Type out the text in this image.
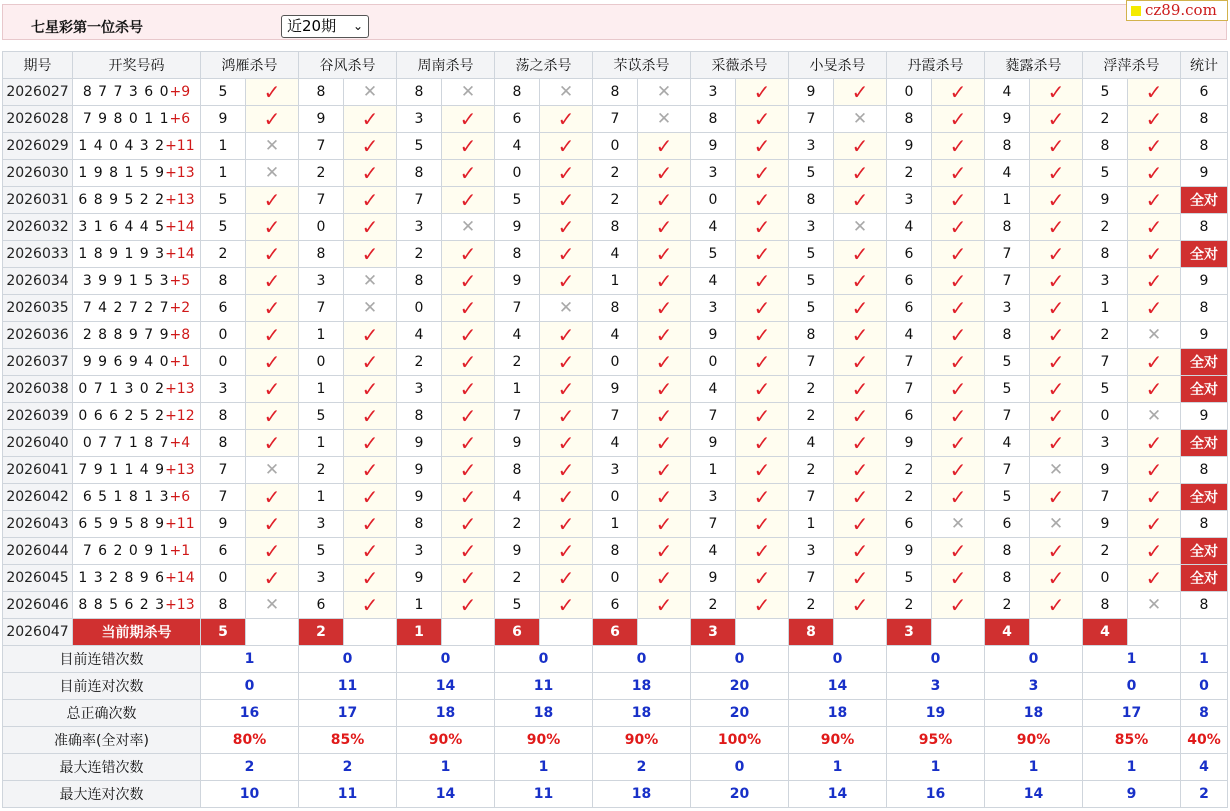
七星彩第一位杀号	近20期 ⌄
cz89.com
期号	开奖号码	鸿雁杀号		谷风杀号		周南杀号		荡之杀号		芣苡杀号		采薇杀号		小旻杀号		丹霞杀号		蕤露杀号		浮萍杀号		统计
2026027	8 7 7 3 6 0+9	5	✓	8	✕	8	✕	8	✕	8	✕	3	✓	9	✓	0	✓	4	✓	5	✓	6
2026028	7 9 8 0 1 1+6	9	✓	9	✓	3	✓	6	✓	7	✕	8	✓	7	✕	8	✓	9	✓	2	✓	8
2026029	1 4 0 4 3 2+11	1	✕	7	✓	5	✓	4	✓	0	✓	9	✓	3	✓	9	✓	8	✓	8	✓	8
2026030	1 9 8 1 5 9+13	1	✕	2	✓	8	✓	0	✓	2	✓	3	✓	5	✓	2	✓	4	✓	5	✓	9
2026031	6 8 9 5 2 2+13	5	✓	7	✓	7	✓	5	✓	2	✓	0	✓	8	✓	3	✓	1	✓	9	✓	全对
2026032	3 1 6 4 4 5+14	5	✓	0	✓	3	✕	9	✓	8	✓	4	✓	3	✕	4	✓	8	✓	2	✓	8
2026033	1 8 9 1 9 3+14	2	✓	8	✓	2	✓	8	✓	4	✓	5	✓	5	✓	6	✓	7	✓	8	✓	全对
2026034	3 9 9 1 5 3+5	8	✓	3	✕	8	✓	9	✓	1	✓	4	✓	5	✓	6	✓	7	✓	3	✓	9
2026035	7 4 2 7 2 7+2	6	✓	7	✕	0	✓	7	✕	8	✓	3	✓	5	✓	6	✓	3	✓	1	✓	8
2026036	2 8 8 9 7 9+8	0	✓	1	✓	4	✓	4	✓	4	✓	9	✓	8	✓	4	✓	8	✓	2	✕	9
2026037	9 9 6 9 4 0+1	0	✓	0	✓	2	✓	2	✓	0	✓	0	✓	7	✓	7	✓	5	✓	7	✓	全对
2026038	0 7 1 3 0 2+13	3	✓	1	✓	3	✓	1	✓	9	✓	4	✓	2	✓	7	✓	5	✓	5	✓	全对
2026039	0 6 6 2 5 2+12	8	✓	5	✓	8	✓	7	✓	7	✓	7	✓	2	✓	6	✓	7	✓	0	✕	9
2026040	0 7 7 1 8 7+4	8	✓	1	✓	9	✓	9	✓	4	✓	9	✓	4	✓	9	✓	4	✓	3	✓	全对
2026041	7 9 1 1 4 9+13	7	✕	2	✓	9	✓	8	✓	3	✓	1	✓	2	✓	2	✓	7	✕	9	✓	8
2026042	6 5 1 8 1 3+6	7	✓	1	✓	9	✓	4	✓	0	✓	3	✓	7	✓	2	✓	5	✓	7	✓	全对
2026043	6 5 9 5 8 9+11	9	✓	3	✓	8	✓	2	✓	1	✓	7	✓	1	✓	6	✕	6	✕	9	✓	8
2026044	7 6 2 0 9 1+1	6	✓	5	✓	3	✓	9	✓	8	✓	4	✓	3	✓	9	✓	8	✓	2	✓	全对
2026045	1 3 2 8 9 6+14	0	✓	3	✓	9	✓	2	✓	0	✓	9	✓	7	✓	5	✓	8	✓	0	✓	全对
2026046	8 8 5 6 2 3+13	8	✕	6	✓	1	✓	5	✓	6	✓	2	✓	2	✓	2	✓	2	✓	8	✕	8
2026047	当前期杀号	5		2		1		6		6		3		8		3		4		4		
目前连错次数		1		0		0		0		0		0		0		0		0		1		1
目前连对次数		0		11		14		11		18		20		14		3		3		0		0
总正确次数		16		17		18		18		18		20		18		19		18		17		8
准确率(全对率)		80%		85%		90%		90%		90%		100%		90%		95%		90%		85%		40%
最大连错次数		2		2		1		1		2		0		1		1		1		1		4
最大连对次数		10		11		14		11		18		20		14		16		14		9		2
